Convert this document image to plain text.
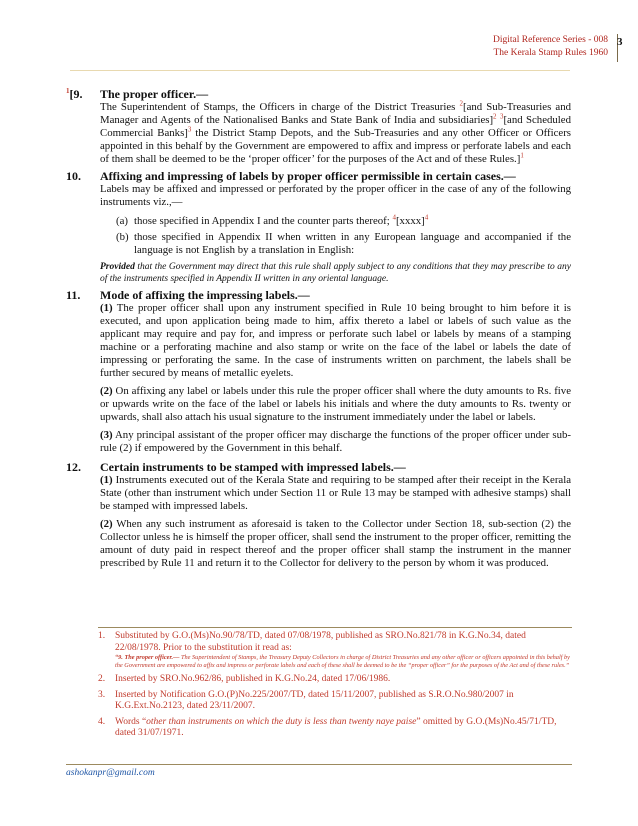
Digital Reference Series - 008
The Kerala Stamp Rules 1960
3
$^1$[9.	The proper officer.—
The Superintendent of Stamps, the Officers in charge of the District Treasuries $^2$[and Sub-Treasuries and Manager and Agents of the Nationalised Banks and State Bank of India and subsidiaries]$^2$ $^3$[and Scheduled Commercial Banks]$^3$ the District Stamp Depots, and the Sub-Treasuries and any other Officer or Officers appointed in this behalf by the Government are empowered to affix and impress or perforate labels and each of them shall be deemed to be the ‘proper officer’ for the purposes of the Act and of these Rules.]$^1$
10.	Affixing and impressing of labels by proper officer permissible in certain cases.—
Labels may be affixed and impressed or perforated by the proper officer in the case of any of the following instruments viz.,—
(a) those specified in Appendix I and the counter parts thereof; $^4$[xxxx]$^4$
(b) those specified in Appendix II when written in any European language and accompanied if the language is not English by a translation in English:
Provided that the Government may direct that this rule shall apply subject to any conditions that they may prescribe to any of the instruments specified in Appendix II written in any oriental language.
11.	Mode of affixing the impressing labels.—
(1) The proper officer shall upon any instrument specified in Rule 10 being brought to him before it is executed, and upon application being made to him, affix thereto a label or labels of such value as the applicant may require and pay for, and impress or perforate such label or labels by means of a stamping machine or a perforating machine and also stamp or write on the face of the label or labels the date of impressing or perforating the same. In the case of instruments written on parchment, the labels shall be further secured by means of metallic eyelets.
(2) On affixing any label or labels under this rule the proper officer shall where the duty amounts to Rs. five or upwards write on the face of the label or labels his initials and where the duty amounts to Rs. twenty or upwards, shall also attach his usual signature to the instrument immediately under the label or labels.
(3) Any principal assistant of the proper officer may discharge the functions of the proper officer under sub-rule (2) if empowered by the Government in this behalf.
12.	Certain instruments to be stamped with impressed labels.—
(1) Instruments executed out of the Kerala State and requiring to be stamped after their receipt in the Kerala State (other than instrument which under Section 11 or Rule 13 may be stamped with adhesive stamps) shall be stamped with impressed labels.
(2) When any such instrument as aforesaid is taken to the Collector under Section 18, sub-section (2) the Collector unless he is himself the proper officer, shall send the instrument to the proper officer, remitting the amount of duty paid in respect thereof and the proper officer shall stamp the instrument in the manner prescribed by Rule 11 and return it to the Collector for delivery to the person by whom it was produced.
1.	Substituted by G.O.(Ms)No.90/78/TD, dated 07/08/1978, published as SRO.No.821/78 in K.G.No.34, dated 22/08/1978. Prior to the substitution it read as:
“9. The proper officer.— The Superintendent of Stamps, the Treasury Deputy Collectors in charge of District Treasuries and any other officer or officers appointed in this behalf by the Government are empowered to affix and impress or perforate labels and each of these shall be deemed to be the “proper officer” for the purposes of the Act and of these rules.”
2.	Inserted by SRO.No.962/86, published in K.G.No.24, dated 17/06/1986.
3.	Inserted by Notification G.O.(P)No.225/2007/TD, dated 15/11/2007, published as S.R.O.No.980/2007 in K.G.Ext.No.2123, dated 23/11/2007.
4.	Words “other than instruments on which the duty is less than twenty naye paise” omitted by G.O.(Ms)No.45/71/TD, dated 31/07/1971.
ashokanpr@gmail.com
